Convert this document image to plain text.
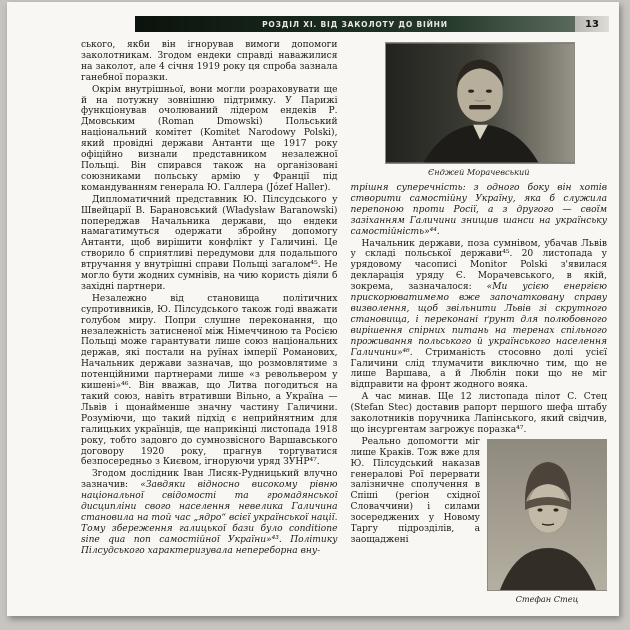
РОЗДІЛ XI. ВІД ЗАКОЛОТУ ДО ВІЙНИ	13

ського, якби він ігнорував вимоги допомоги заколотникам. Згодом ендеки справді наважилися на заколот, але 4 січня 1919 року ця спроба зазнала ганебної поразки.

Окрім внутрішньої, вони могли розраховувати ще й на потужну зовнішню підтримку. У Парижі функціонував очолюваний лідером ендеків Р. Дмовським (Roman Dmowski) Польський національний комітет (Komitet Narodowy Polski), який провідні держави Антанти ще 1917 року офіційно визнали представником незалежної Польщі. Він спирався також на організовані союзниками польську армію у Франції під командуванням генерала Ю. Галлера (Józef Haller).

Дипломатичний представник Ю. Пілсудського у Швейцарії В. Барановський (Władysław Baranowski) попереджав Начальника держави, що ендеки намагатимуться одержати збройну допомогу Антанти, щоб вирішити конфлікт у Галичині. Це створило б сприятливі передумови для подальшого втручання у внутрішні справи Польщі загалом⁴⁵. Не могло бути жодних сумнівів, на чию користь діяли б західні партнери.

Незалежно від становища політичних супротивників, Ю. Пілсудського також годі вважати голубом миру. Попри слушне переконання, що незалежність затисненої між Німеччиною та Росією Польщі може гарантувати лише союз національних держав, які постали на руїнах імперії Романових, Начальник держави зазначав, що розмовлятиме з потенційними партнерами лише «з револьвером у кишені»⁴⁶. Він вважав, що Литва погодиться на такий союз, навіть втративши Вільно, а Україна — Львів і щонайменше значну частину Галичини. Розуміючи, що такий підхід є неприйнятним для галицьких українців, ще наприкінці листопада 1918 року, тобто задовго до сумнозвісного Варшавського договору 1920 року, прагнув торгуватися безпосередньо з Києвом, ігноруючи уряд ЗУНР⁴⁷.

Згодом дослідник Іван Лисяк-Рудницький влучно зазначив: «Завдяки відносно високому рівню національної свідомості та громадянської дисципліни свого населення невелика Галичина становила на той час „ядро“ всієї української нації. Тому збереження галицької бази було conditione sine qua non самостійної України»⁴³. Політику Пілсудського характеризувала непереборна вну-

Єнджей Морачевський

трішня суперечність: з одного боку він хотів створити самостійну Україну, яка б служила перепоною проти Росії, а з другого — своїм зазіханням Галичини знищив шанси на українську самостійність»⁴⁴.

Начальник держави, поза сумнівом, убачав Львів у складі польської держави⁴⁵. 20 листопада у урядовому часописі Monitor Polski з'явилася декларація уряду Є. Морачевського, в якій, зокрема, зазначалося: «Ми усією енергією прискорюватимемо вже започатковану справу визволення, щоб звільнити Львів зі скрутного становища, і переконані ґрунт для полюбовного вирішення спірних питань на теренах спільного проживання польського й українського населення Галичини»⁴⁶. Стриманість стосовно долі усієї Галичини слід тлумачити виключно тим, що не лише Варшава, а й Люблін поки що не міг відправити на фронт жодного вояка.

А час минав. Ще 12 листопада пілот С. Стец (Stefan Stec) доставив рапорт першого шефа штабу заколотників поручника Лапінського, який свідчив, що інсургентам загрожує поразка⁴⁷.

Стефан Стец

Реально допомогти міг лише Краків. Тож вже для Ю. Пілсудський наказав генералові Рої перервати залізничне сполучення в Спіші (регіон східної Словаччини) і силами зосереджених у Новому Таргу підрозділів, а заощаджені
